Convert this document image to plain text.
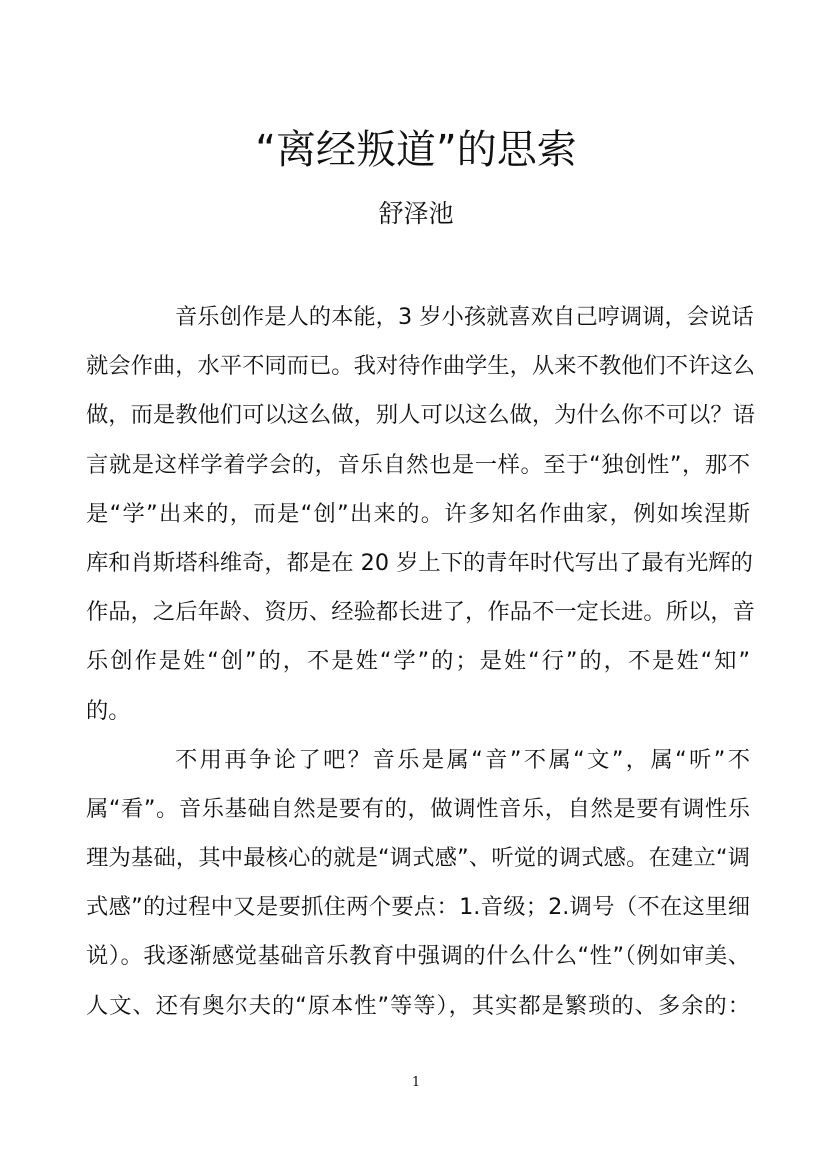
“离经叛道”的思索
舒泽池
音乐创作是人的本能，3 岁小孩就喜欢自己哼调调，会说话
就会作曲，水平不同而已。我对待作曲学生，从来不教他们不许这么
做，而是教他们可以这么做，别人可以这么做，为什么你不可以？语
言就是这样学着学会的，音乐自然也是一样。至于“独创性”，那不
是“学”出来的，而是“创”出来的。许多知名作曲家，例如埃涅斯
库和肖斯塔科维奇，都是在 20 岁上下的青年时代写出了最有光辉的
作品，之后年龄、资历、经验都长进了，作品不一定长进。所以，音
乐创作是姓“创”的，不是姓“学”的；是姓“行”的，不是姓“知”
的。
不用再争论了吧？音乐是属“音”不属“文”，属“听”不
属“看”。音乐基础自然是要有的，做调性音乐，自然是要有调性乐
理为基础，其中最核心的就是“调式感”、听觉的调式感。在建立“调
式感”的过程中又是要抓住两个要点：1.音级；2.调号（不在这里细
说）。我逐渐感觉基础音乐教育中强调的什么什么“性”（例如审美、
人文、还有奥尔夫的“原本性”等等），其实都是繁琐的、多余的：
1
